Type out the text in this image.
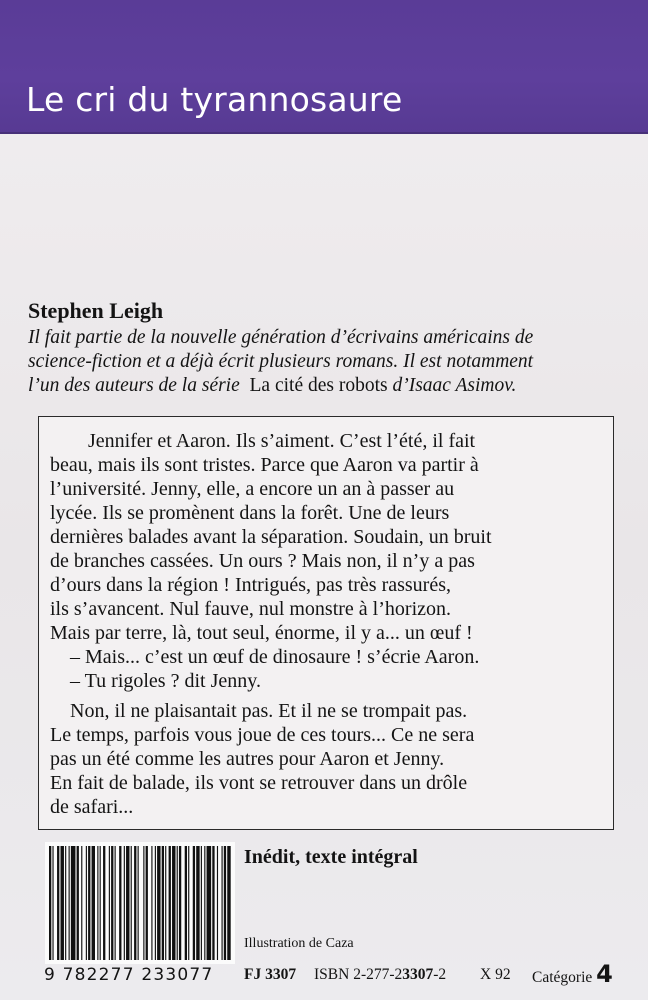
Le cri du tyrannosaure
Stephen Leigh
Il fait partie de la nouvelle génération d’écrivains américains de
science-fiction et a déjà écrit plusieurs romans. Il est notamment
l’un des auteurs de la série La cité des robots d’Isaac Asimov.

Jennifer et Aaron. Ils s’aiment. C’est l’été, il fait

beau, mais ils sont tristes. Parce que Aaron va partir à

l’université. Jenny, elle, a encore un an à passer au

lycée. Ils se promènent dans la forêt. Une de leurs

dernières balades avant la séparation. Soudain, un bruit

de branches cassées. Un ours ? Mais non, il n’y a pas

d’ours dans la région ! Intrigués, pas très rassurés,

ils s’avancent. Nul fauve, nul monstre à l’horizon.

Mais par terre, là, tout seul, énorme, il y a... un œuf !

– Mais... c’est un œuf de dinosaure ! s’écrie Aaron.

– Tu rigoles ? dit Jenny.

Non, il ne plaisantait pas. Et il ne se trompait pas.

Le temps, parfois vous joue de ces tours... Ce ne sera

pas un été comme les autres pour Aaron et Jenny.

En fait de balade, ils vont se retrouver dans un drôle

de safari...

9 782277 233077
Inédit, texte intégral
Illustration de Caza
FJ 3307 ISBN 2-277-23307-2 X 92 Catégorie 4
